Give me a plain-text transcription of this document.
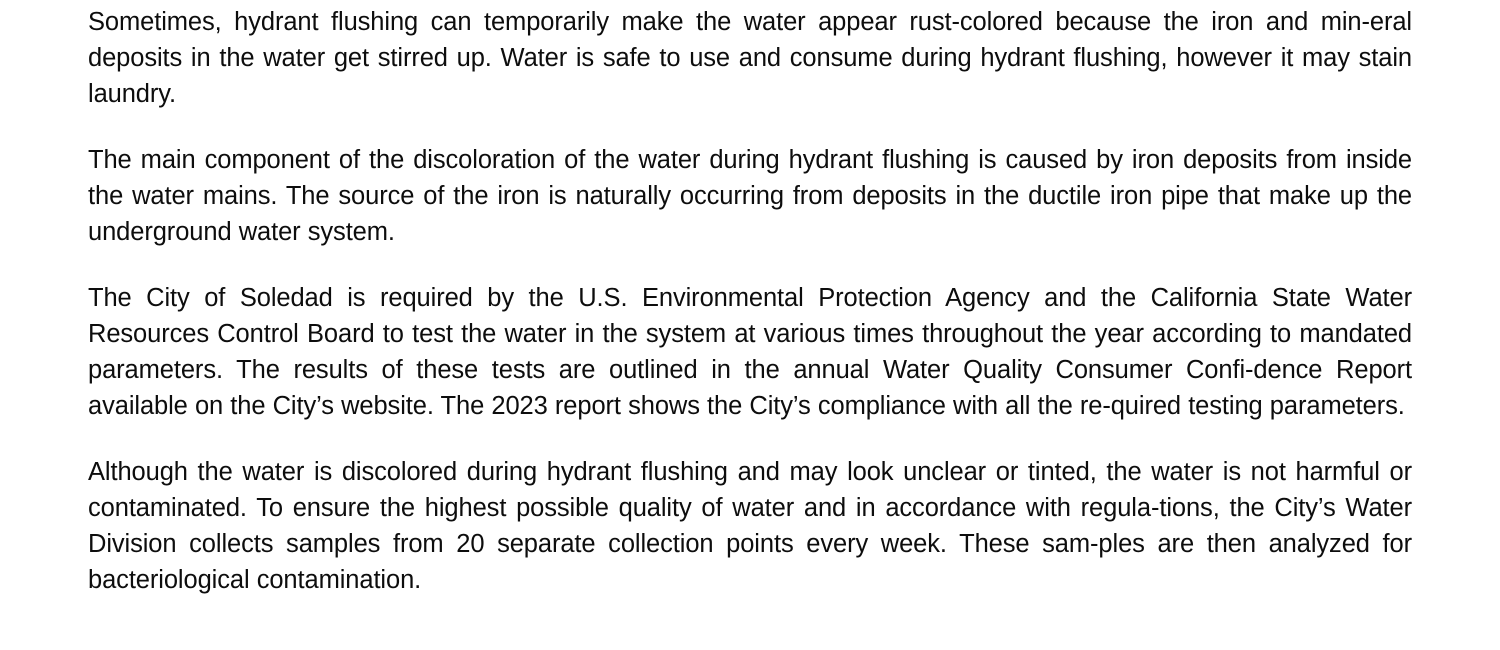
Sometimes, hydrant flushing can temporarily make the water appear rust-colored because the iron and min-eral deposits in the water get stirred up. Water is safe to use and consume during hydrant flushing, however it may stain laundry.

The main component of the discoloration of the water during hydrant flushing is caused by iron deposits from inside the water mains. The source of the iron is naturally occurring from deposits in the ductile iron pipe that make up the underground water system.

The City of Soledad is required by the U.S. Environmental Protection Agency and the California State Water Resources Control Board to test the water in the system at various times throughout the year according to mandated parameters. The results of these tests are outlined in the annual Water Quality Consumer Confi-dence Report available on the City’s website. The 2023 report shows the City’s compliance with all the re-quired testing parameters.

Although the water is discolored during hydrant flushing and may look unclear or tinted, the water is not harmful or contaminated. To ensure the highest possible quality of water and in accordance with regula-tions, the City’s Water Division collects samples from 20 separate collection points every week. These sam-ples are then analyzed for bacteriological contamination.
